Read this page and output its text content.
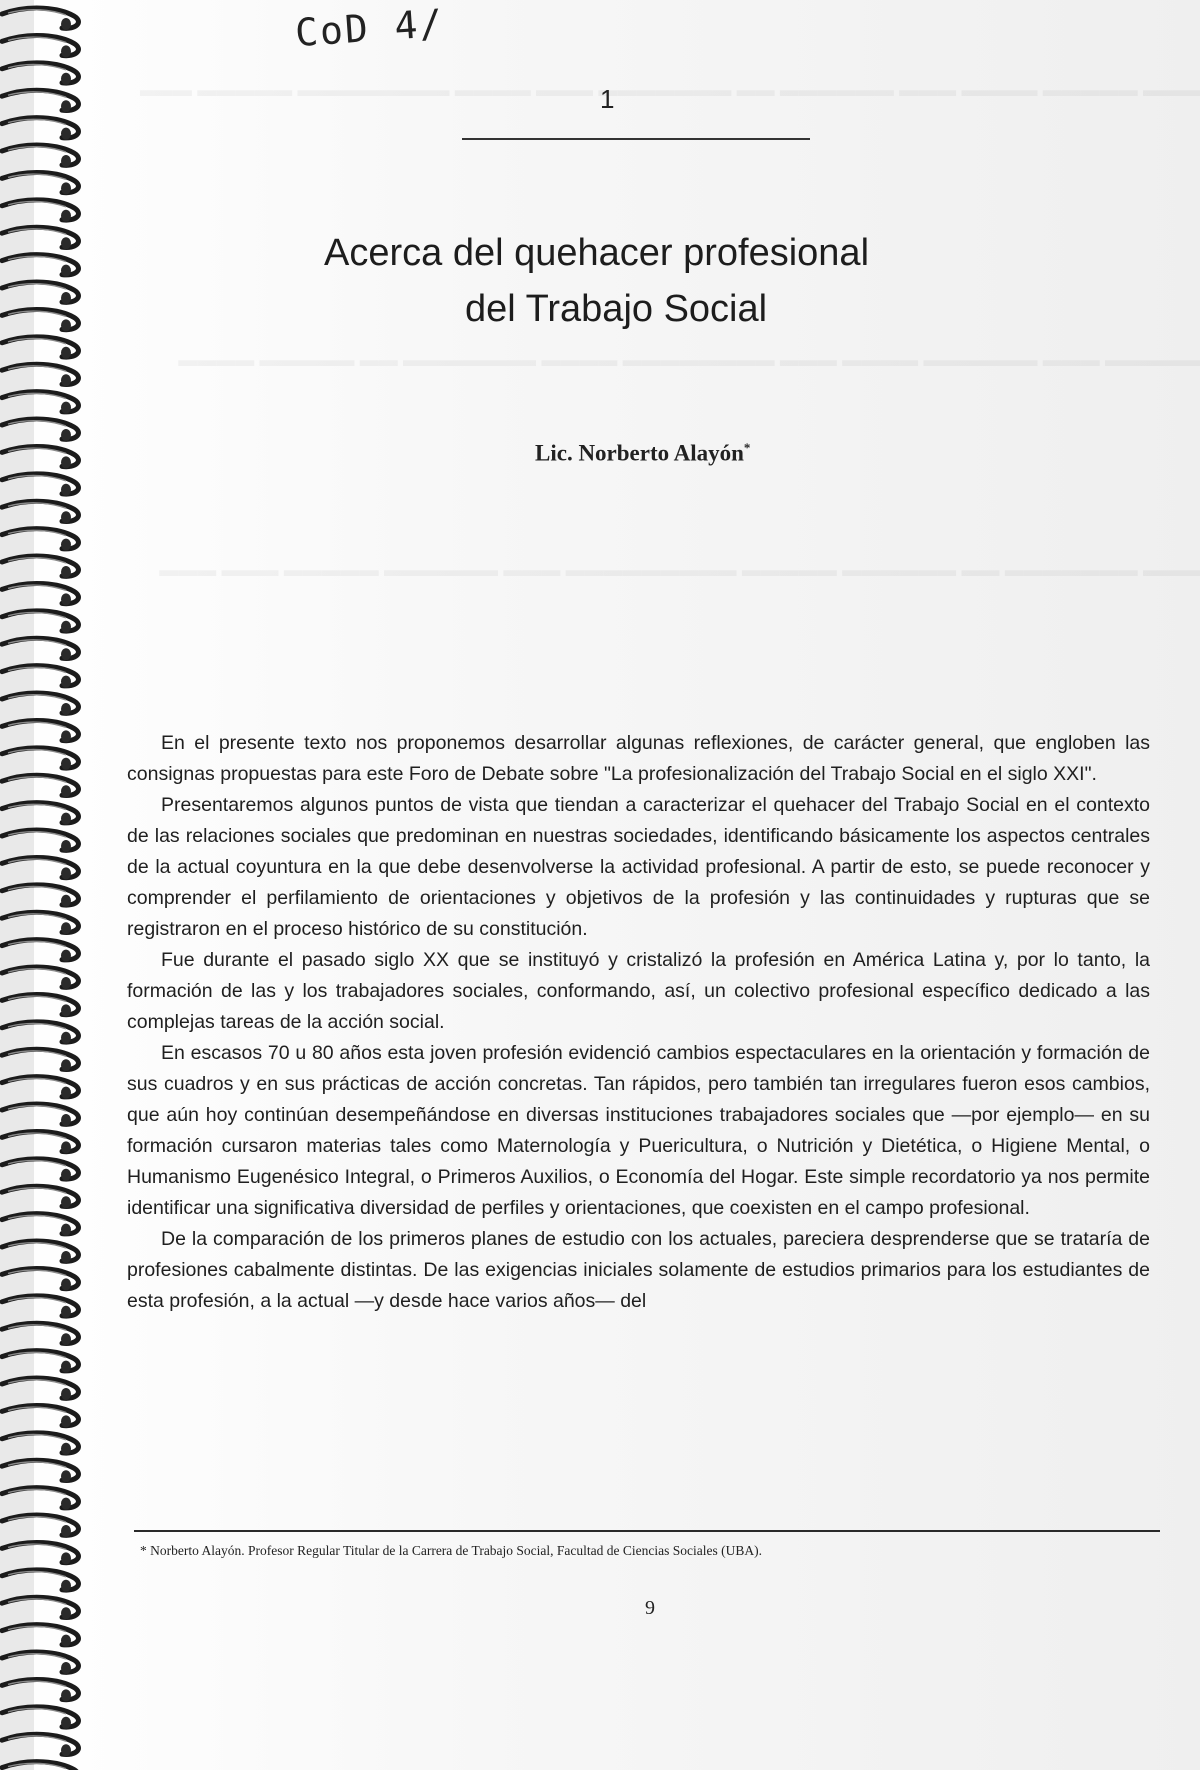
CoD 4/
1
Acerca del quehacer profesional
del Trabajo Social
Lic. Norberto Alayón*

En el presente texto nos proponemos desarrollar algunas reflexiones, de carácter general, que engloben las consignas propuestas para este Foro de Debate sobre "La profesionalización del Trabajo Social en el siglo XXI".

Presentaremos algunos puntos de vista que tiendan a caracterizar el quehacer del Trabajo Social en el contexto de las relaciones sociales que predominan en nuestras sociedades, identificando básicamente los aspectos centrales de la actual coyuntura en la que debe desenvolverse la actividad profesional. A partir de esto, se puede reconocer y comprender el perfilamiento de orientaciones y objetivos de la profesión y las continuidades y rupturas que se registraron en el proceso histórico de su constitución.

Fue durante el pasado siglo XX que se instituyó y cristalizó la profesión en América Latina y, por lo tanto, la formación de las y los trabajadores sociales, conformando, así, un colectivo profesional específico dedicado a las complejas tareas de la acción social.

En escasos 70 u 80 años esta joven profesión evidenció cambios espectaculares en la orientación y formación de sus cuadros y en sus prácticas de acción concretas. Tan rápidos, pero también tan irregulares fueron esos cambios, que aún hoy continúan desempeñándose en diversas instituciones trabajadores sociales que —por ejemplo— en su formación cursaron materias tales como Maternología y Puericultura, o Nutrición y Dietética, o Higiene Mental, o Humanismo Eugenésico Integral, o Primeros Auxilios, o Economía del Hogar. Este simple recordatorio ya nos permite identificar una significativa diversidad de perfiles y orientaciones, que coexisten en el campo profesional.

De la comparación de los primeros planes de estudio con los actuales, pareciera desprenderse que se trataría de profesiones cabalmente distintas. De las exigencias iniciales solamente de estudios primarios para los estudiantes de esta profesión, a la actual —y desde hace varios años— del

* Norberto Alayón. Profesor Regular Titular de la Carrera de Trabajo Social, Facultad de Ciencias Sociales (UBA).
9
